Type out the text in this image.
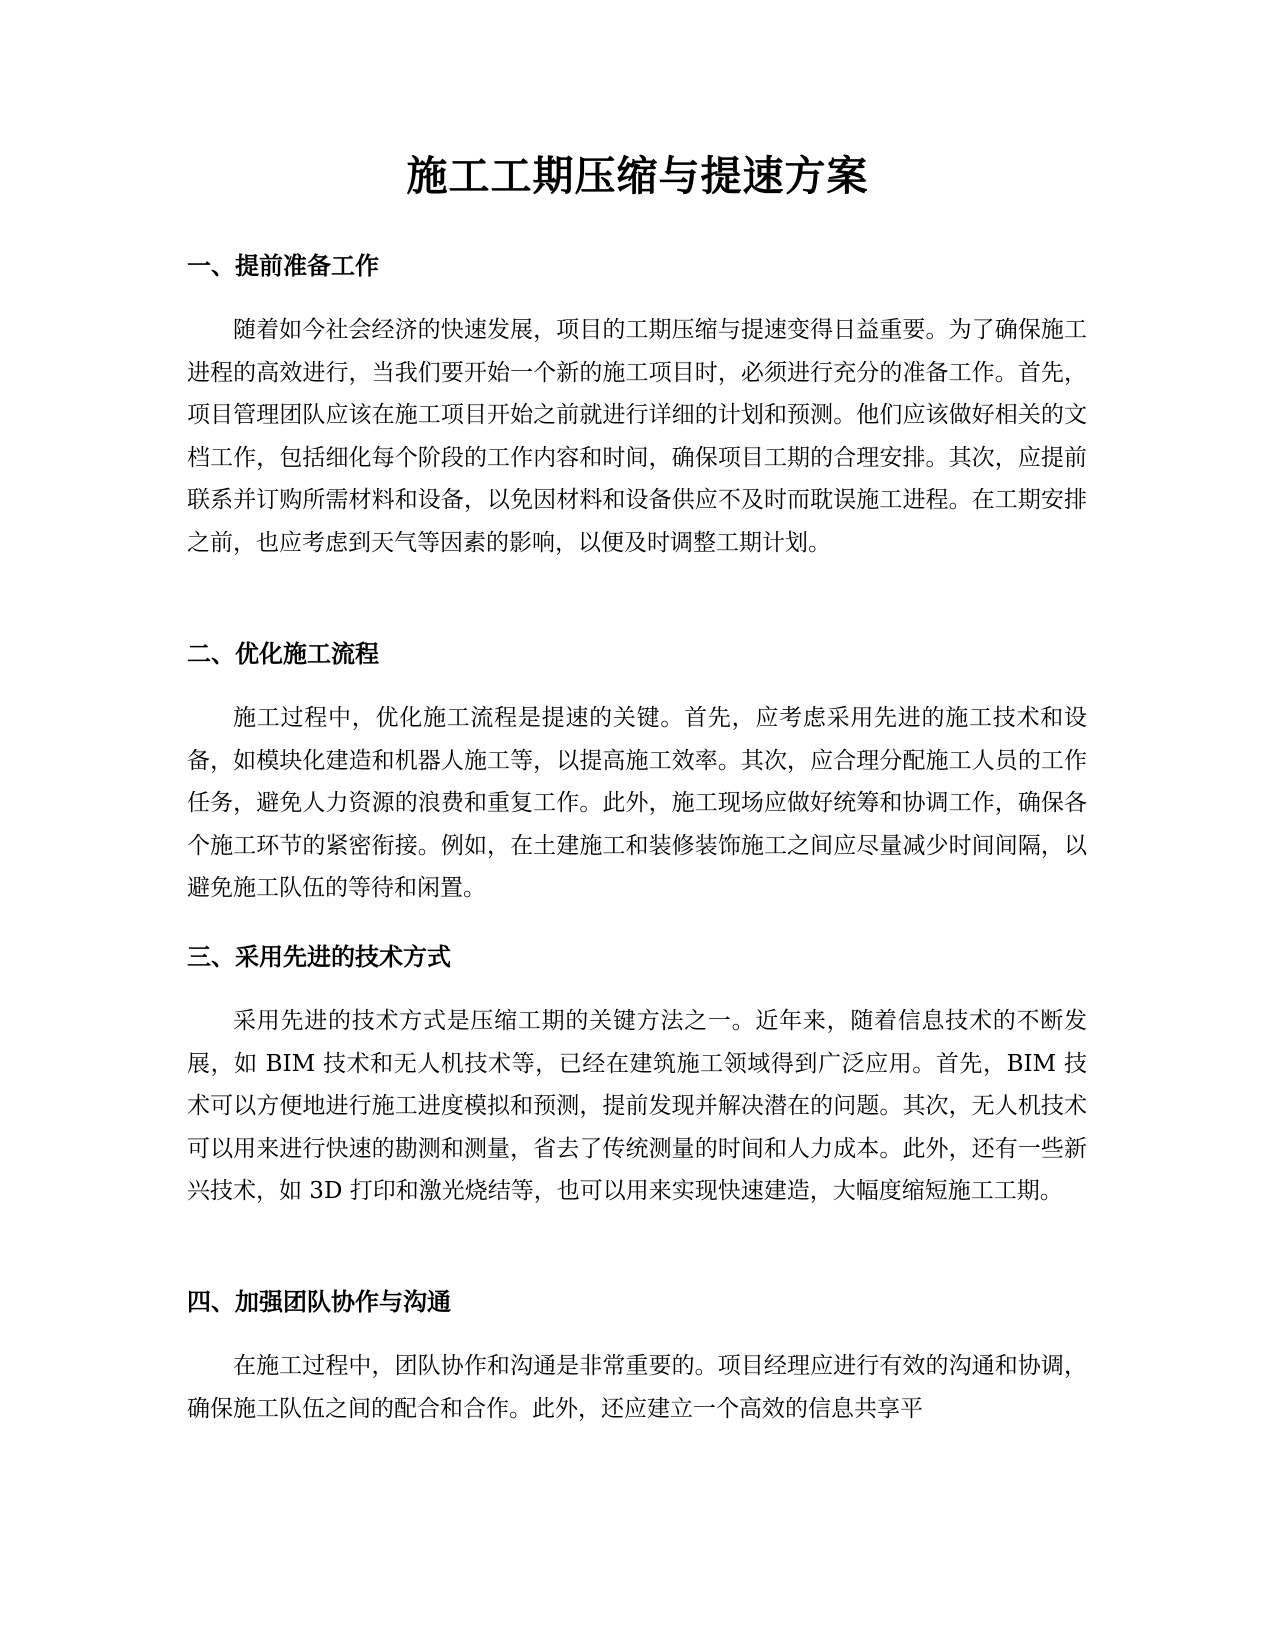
施工工期压缩与提速方案
一、提前准备工作

随着如今社会经济的快速发展，项目的工期压缩与提速变得日益重要。为了确保施工进程的高效进行，当我们要开始一个新的施工项目时，必须进行充分的准备工作。首先，项目管理团队应该在施工项目开始之前就进行详细的计划和预测。他们应该做好相关的文档工作，包括细化每个阶段的工作内容和时间，确保项目工期的合理安排。其次，应提前联系并订购所需材料和设备，以免因材料和设备供应不及时而耽误施工进程。在工期安排之前，也应考虑到天气等因素的影响，以便及时调整工期计划。

二、优化施工流程

施工过程中，优化施工流程是提速的关键。首先，应考虑采用先进的施工技术和设备，如模块化建造和机器人施工等，以提高施工效率。其次，应合理分配施工人员的工作任务，避免人力资源的浪费和重复工作。此外，施工现场应做好统筹和协调工作，确保各个施工环节的紧密衔接。例如，在土建施工和装修装饰施工之间应尽量减少时间间隔，以避免施工队伍的等待和闲置。

三、采用先进的技术方式

采用先进的技术方式是压缩工期的关键方法之一。近年来，随着信息技术的不断发展，如 BIM 技术和无人机技术等，已经在建筑施工领域得到广泛应用。首先，BIM 技术可以方便地进行施工进度模拟和预测，提前发现并解决潜在的问题。其次，无人机技术可以用来进行快速的勘测和测量，省去了传统测量的时间和人力成本。此外，还有一些新兴技术，如 3D 打印和激光烧结等，也可以用来实现快速建造，大幅度缩短施工工期。

四、加强团队协作与沟通

在施工过程中，团队协作和沟通是非常重要的。项目经理应进行有效的沟通和协调，确保施工队伍之间的配合和合作。此外，还应建立一个高效的信息共享平
